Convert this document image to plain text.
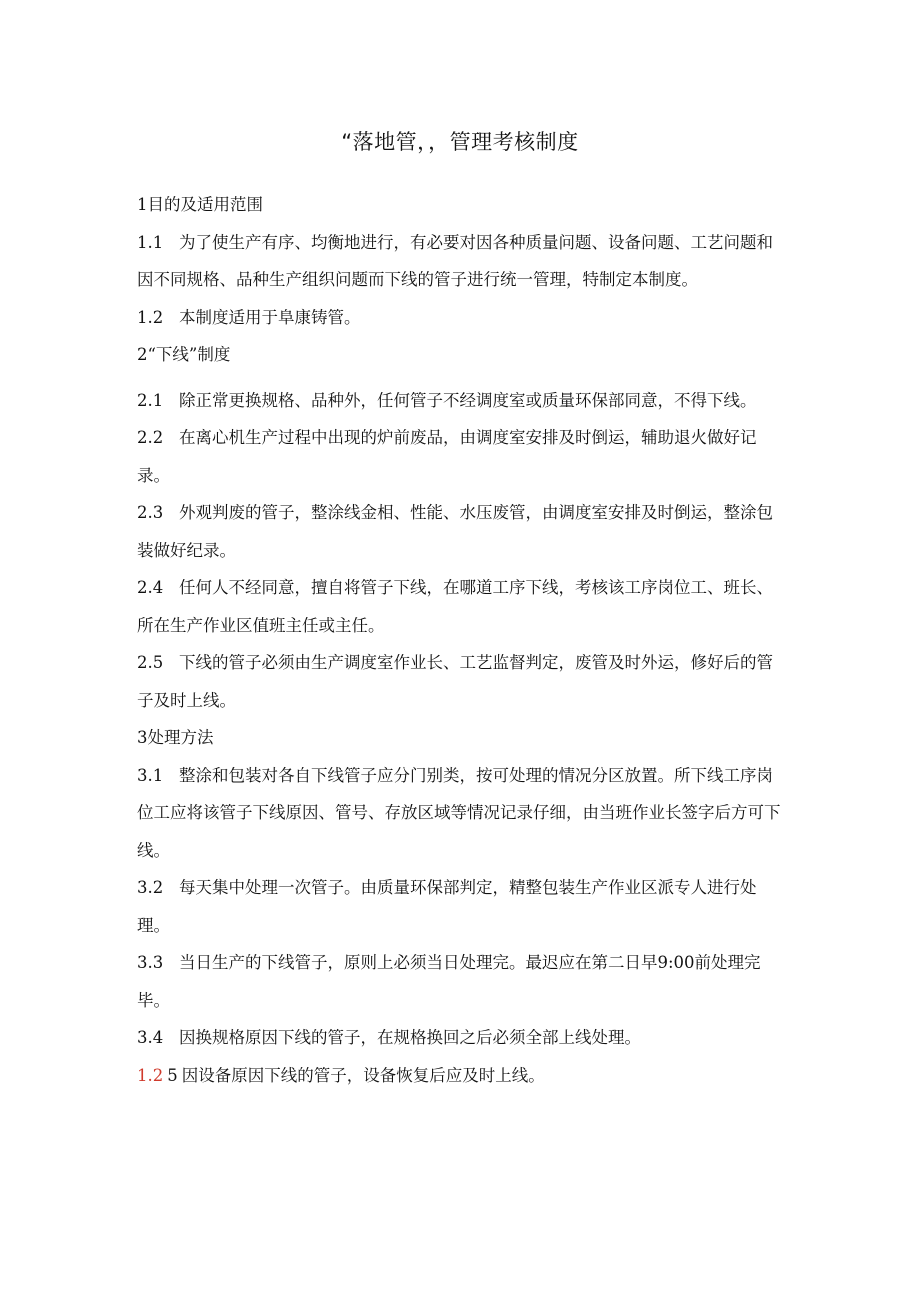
“落地管，，管理考核制度

1目的及适用范围

1.1 为了使生产有序、均衡地进行，有必要对因各种质量问题、设备问题、工艺问题和因不同规格、品种生产组织问题而下线的管子进行统一管理，特制定本制度。

1.2 本制度适用于阜康铸管。

2“下线”制度

2.1 除正常更换规格、品种外，任何管子不经调度室或质量环保部同意，不得下线。

2.2 在离心机生产过程中出现的炉前废品，由调度室安排及时倒运，辅助退火做好记录。

2.3 外观判废的管子，整涂线金相、性能、水压废管，由调度室安排及时倒运，整涂包装做好纪录。

2.4 任何人不经同意，擅自将管子下线，在哪道工序下线，考核该工序岗位工、班长、所在生产作业区值班主任或主任。

2.5 下线的管子必须由生产调度室作业长、工艺监督判定，废管及时外运，修好后的管子及时上线。

3处理方法

3.1 整涂和包装对各自下线管子应分门别类，按可处理的情况分区放置。所下线工序岗位工应将该管子下线原因、管号、存放区域等情况记录仔细，由当班作业长签字后方可下线。

3.2 每天集中处理一次管子。由质量环保部判定，精整包装生产作业区派专人进行处理。

3.3 当日生产的下线管子，原则上必须当日处理完。最迟应在第二日早9:00前处理完毕。

3.4 因换规格原因下线的管子，在规格换回之后必须全部上线处理。

1.2 5 因设备原因下线的管子，设备恢复后应及时上线。
